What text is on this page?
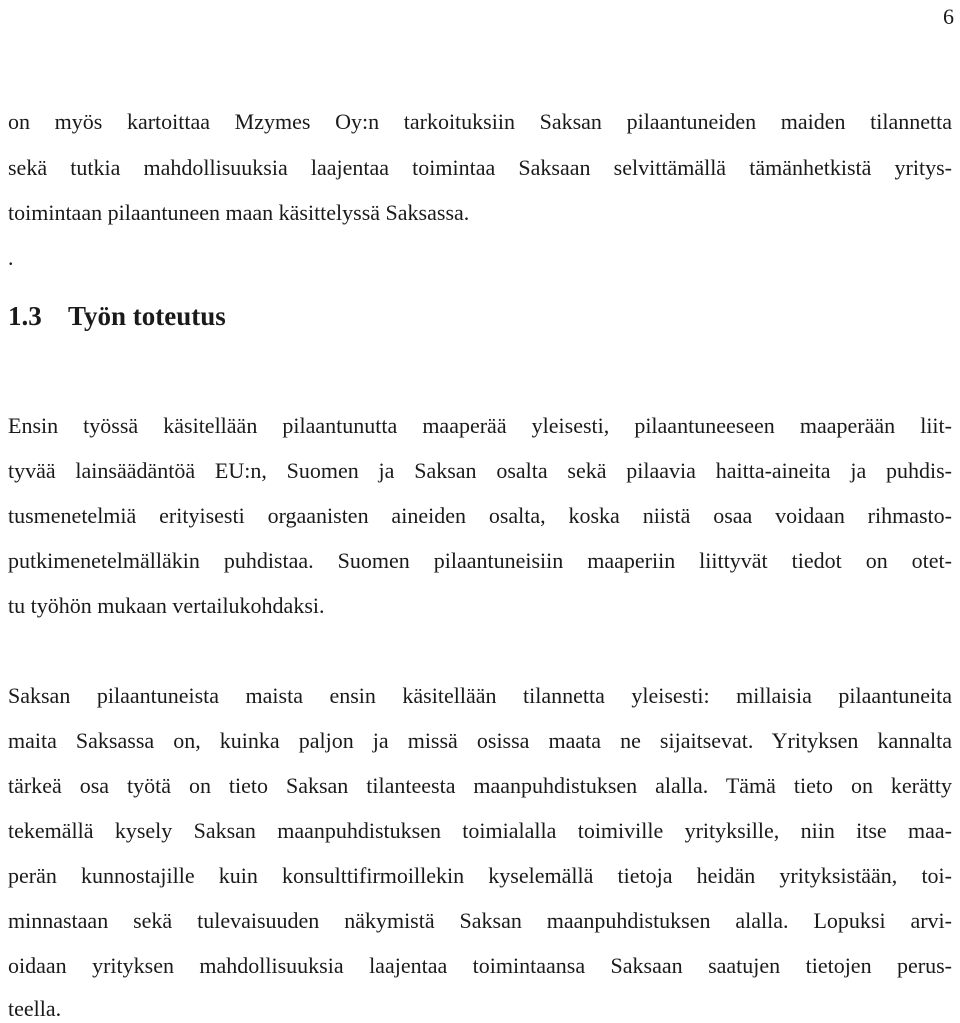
6
on myös kartoittaa Mzymes Oy:n tarkoituksiin Saksan pilaantuneiden maiden tilannetta
sekä tutkia mahdollisuuksia laajentaa toimintaa Saksaan selvittämällä tämänhetkistä yritys-
toimintaan pilaantuneen maan käsittelyssä Saksassa.
.
1.3 Työn toteutus
Ensin työssä käsitellään pilaantunutta maaperää yleisesti, pilaantuneeseen maaperään liit-
tyvää lainsäädäntöä EU:n, Suomen ja Saksan osalta sekä pilaavia haitta-aineita ja puhdis-
tusmenetelmiä erityisesti orgaanisten aineiden osalta, koska niistä osaa voidaan rihmasto-
putkimenetelmälläkin puhdistaa. Suomen pilaantuneisiin maaperiin liittyvät tiedot on otet-
tu työhön mukaan vertailukohdaksi.
Saksan pilaantuneista maista ensin käsitellään tilannetta yleisesti: millaisia pilaantuneita
maita Saksassa on, kuinka paljon ja missä osissa maata ne sijaitsevat. Yrityksen kannalta
tärkeä osa työtä on tieto Saksan tilanteesta maanpuhdistuksen alalla. Tämä tieto on kerätty
tekemällä kysely Saksan maanpuhdistuksen toimialalla toimiville yrityksille, niin itse maa-
perän kunnostajille kuin konsulttifirmoillekin kyselemällä tietoja heidän yrityksistään, toi-
minnastaan sekä tulevaisuuden näkymistä Saksan maanpuhdistuksen alalla. Lopuksi arvi-
oidaan yrityksen mahdollisuuksia laajentaa toimintaansa Saksaan saatujen tietojen perus-
teella.
